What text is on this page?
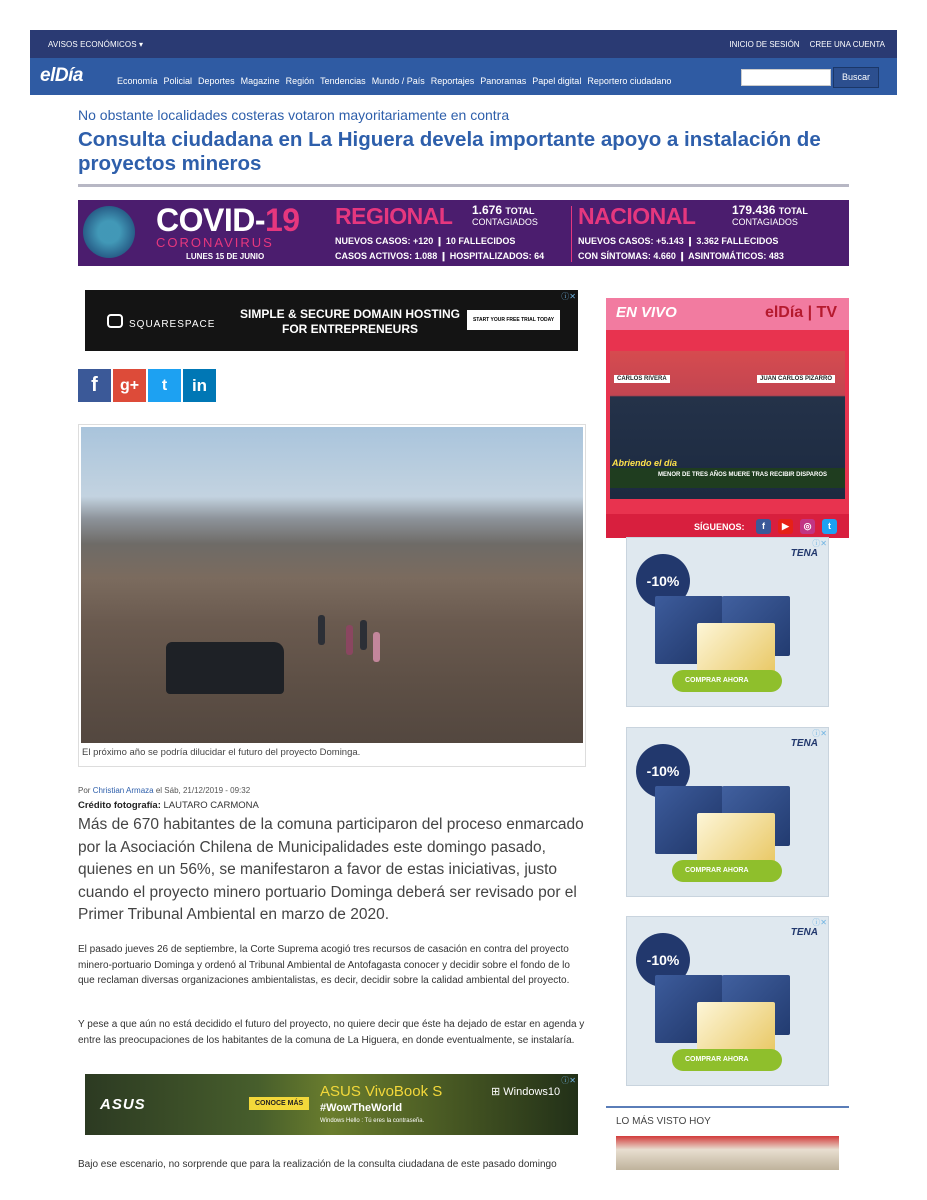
AVISOS ECONÓMICOS ▾	INICIO DE SESIÓN CREE UNA CUENTA
elDía	Economía Policial Deportes Magazine Región Tendencias Mundo / País Reportajes Panoramas Papel digital Reportero ciudadano	Buscar
No obstante localidades costeras votaron mayoritariamente en contra
Consulta ciudadana en La Higuera devela importante apoyo a instalación de proyectos mineros
COVID-19
CORONAVIRUS
LUNES 15 DE JUNIO
REGIONAL 1.676 TOTAL
CONTAGIADOS
NUEVOS CASOS: +120 ❙ 10 FALLECIDOS
CASOS ACTIVOS: 1.088 ❙ HOSPITALIZADOS: 64
NACIONAL	179.436 TOTAL
CONTAGIADOS
NUEVOS CASOS: +5.143 ❙ 3.362 FALLECIDOS
CON SÍNTOMAS: 4.660 ❙ ASINTOMÁTICOS: 483
SQUARESPACE
SIMPLE & SECURE DOMAIN HOSTING FOR ENTREPRENEURS
START YOUR FREE TRIAL TODAY
ⓘ✕
f	g+	t	in
El próximo año se podría dilucidar el futuro del proyecto Dominga.
Por Christian Armaza el Sáb, 21/12/2019 - 09:32
Crédito fotografía: LAUTARO CARMONA

Más de 670 habitantes de la comuna participaron del proceso enmarcado por la Asociación Chilena de Municipalidades este domingo pasado, quienes en un 56%, se manifestaron a favor de estas iniciativas, justo cuando el proyecto minero portuario Dominga deberá ser revisado por el Primer Tribunal Ambiental en marzo de 2020.

El pasado jueves 26 de septiembre, la Corte Suprema acogió tres recursos de casación en contra del proyecto minero-portuario Dominga y ordenó al Tribunal Ambiental de Antofagasta conocer y decidir sobre el fondo de lo que reclaman diversas organizaciones ambientalistas, es decir, decidir sobre la calidad ambiental del proyecto.

Y pese a que aún no está decidido el futuro del proyecto, no quiere decir que éste ha dejado de estar en agenda y entre las preocupaciones de los habitantes de la comuna de La Higuera, en donde eventualmente, se instalaría.

ASUS	CONOCE MÁS
ASUS VivoBook S
#WowTheWorld
Windows Hello : Tú eres la contraseña.
⊞ Windows10
ⓘ✕

Bajo ese escenario, no sorprende que para la realización de la consulta ciudadana de este pasado domingo

EN VIVO	elDía | TV
CARLOS RIVERA	JUAN CARLOS PIZARRO
Abriendo el día
MENOR DE TRES AÑOS MUERE TRAS RECIBIR DISPAROS
SÍGUENOS:	f	▶	◎	t
-10%
TENA
COMPRAR AHORA
ⓘ✕
-10%
TENA
COMPRAR AHORA
ⓘ✕
-10%
TENA
COMPRAR AHORA
ⓘ✕
LO MÁS VISTO HOY
